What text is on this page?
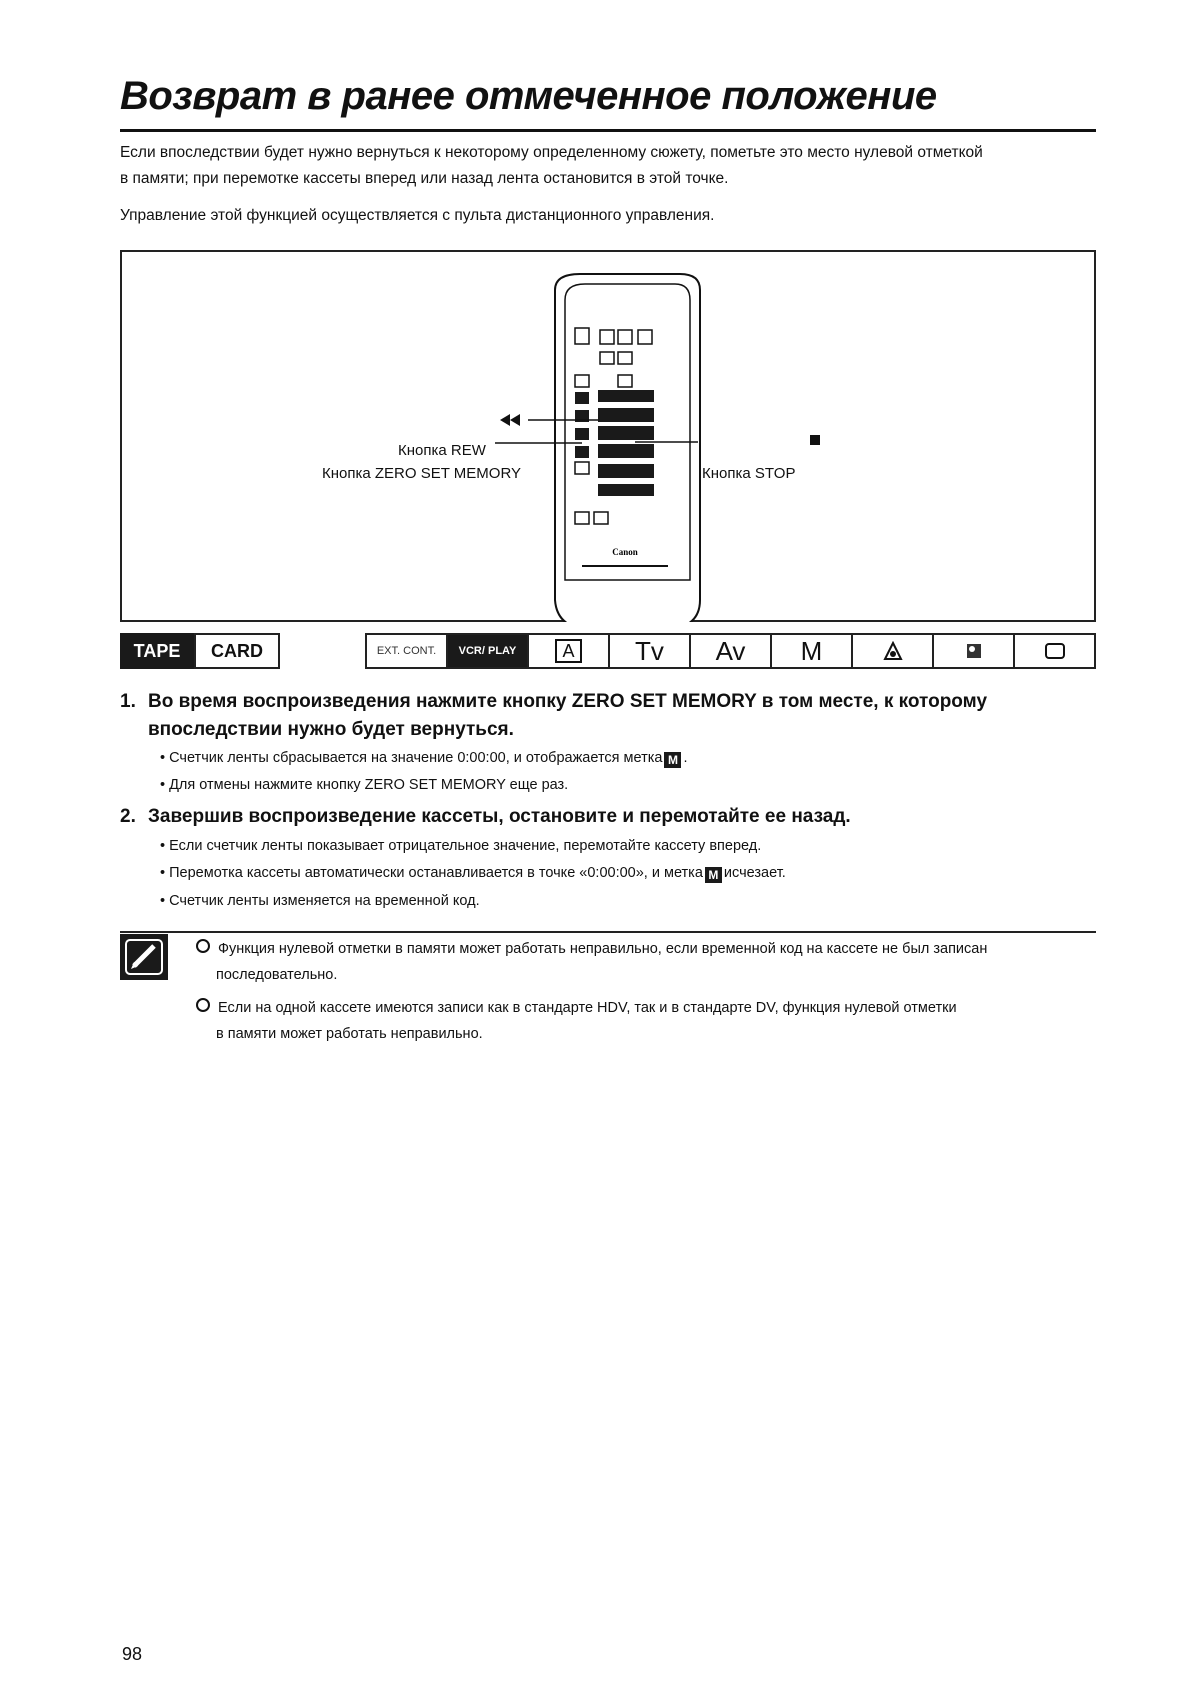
Возврат в ранее отмеченное положение
Если впоследствии будет нужно вернуться к некоторому определенному сюжету, пометьте это место нулевой отметкой
в памяти; при перемотке кассеты вперед или назад лента остановится в этой точке.
Управление этой функцией осуществляется с пульта дистанционного управления.
Canon
Кнопка REW
Кнопка ZERO SET MEMORY	Кнопка STOP
TAPE	CARD	EXT. CONT.	VCR/ PLAY	A	Tv	Av	M
1. Во время воспроизведения нажмите кнопку ZERO SET MEMORY в том месте, к которому
впоследствии нужно будет вернуться.
• Счетчик ленты сбрасывается на значение 0:00:00, и отображается метка M .
• Для отмены нажмите кнопку ZERO SET MEMORY еще раз.
2. Завершив воспроизведение кассеты, остановите и перемотайте ее назад.
• Если счетчик ленты показывает отрицательное значение, перемотайте кассету вперед.
• Перемотка кассеты автоматически останавливается в точке «0:00:00», и метка M исчезает.
• Счетчик ленты изменяется на временной код.
Функция нулевой отметки в памяти может работать неправильно, если временной код на кассете не был записан
последовательно.
Если на одной кассете имеются записи как в стандарте HDV, так и в стандарте DV, функция нулевой отметки
в памяти может работать неправильно.
98
